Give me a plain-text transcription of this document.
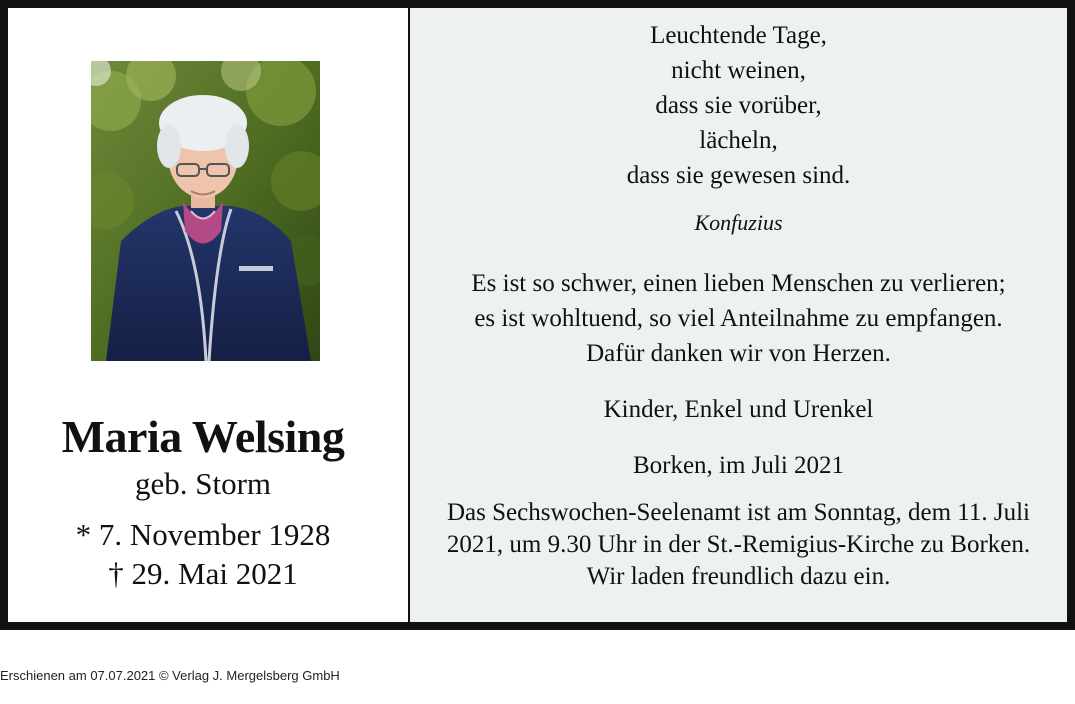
Maria Welsing
geb. Storm
* 7. November 1928
† 29. Mai 2021
Leuchtende Tage,
nicht weinen,
dass sie vorüber,
lächeln,
dass sie gewesen sind.
Konfuzius
Es ist so schwer, einen lieben Menschen zu verlieren;
es ist wohltuend, so viel Anteilnahme zu empfangen.
Dafür danken wir von Herzen.
Kinder, Enkel und Urenkel
Borken, im Juli 2021
Das Sechswochen-Seelenamt ist am Sonntag, dem 11. Juli
2021, um 9.30 Uhr in der St.-Remigius-Kirche zu Borken.
Wir laden freundlich dazu ein.
Erschienen am 07.07.2021 © Verlag J. Mergelsberg GmbH
